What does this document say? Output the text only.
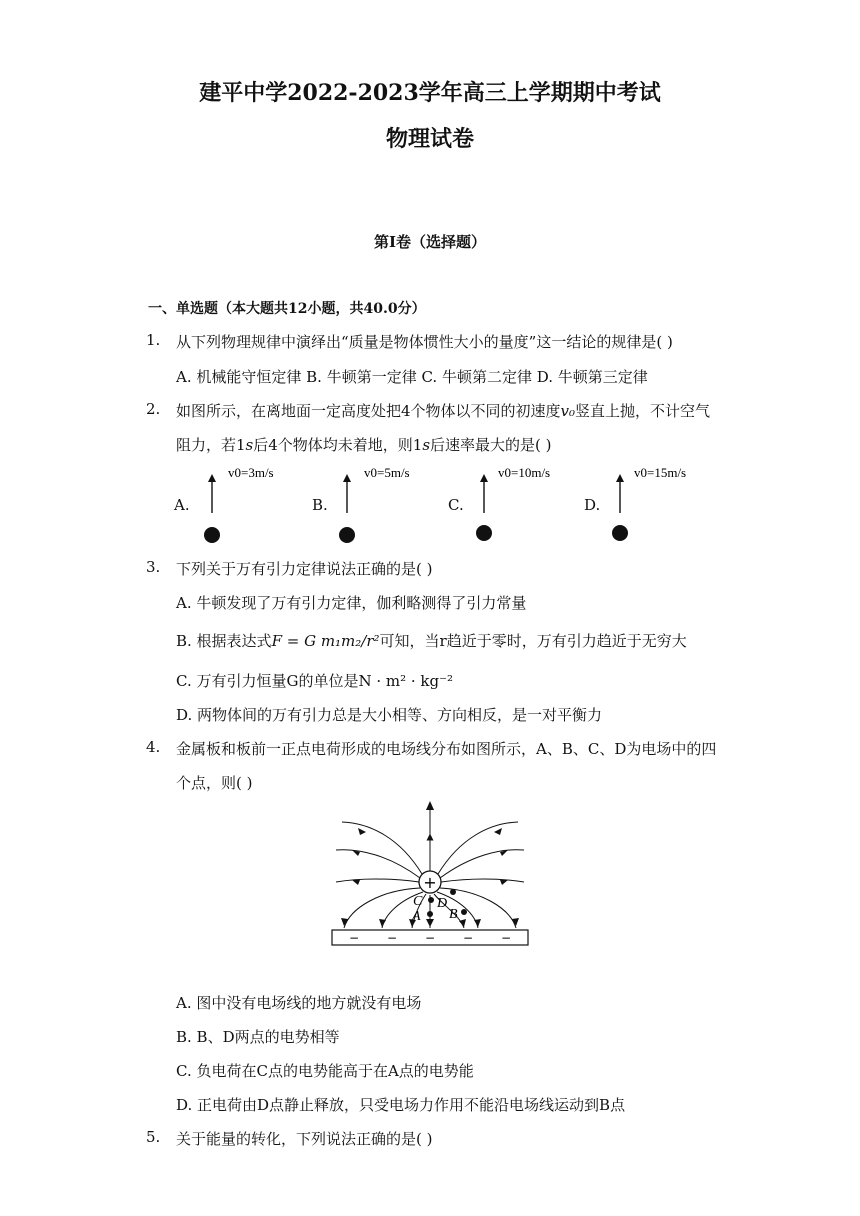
建平中学2022-2023学年高三上学期期中考试
物理试卷
第I卷（选择题）
一、单选题（本大题共12小题，共40.0分）
1. 从下列物理规律中演绎出“质量是物体惯性大小的量度”这一结论的规律是( )
A. 机械能守恒定律 B. 牛顿第一定律 C. 牛顿第二定律 D. 牛顿第三定律
2. 如图所示，在离地面一定高度处把4个物体以不同的初速度v₀竖直上抛，不计空气
阻力，若1s后4个物体均未着地，则1s后速率最大的是( )
A.
v0=3m/s
B.
v0=5m/s
C.
v0=10m/s
D.
v0=15m/s
3. 下列关于万有引力定律说法正确的是( )
A. 牛顿发现了万有引力定律，伽利略测得了引力常量
B. 根据表达式F = G m₁m₂/r²可知，当r趋近于零时，万有引力趋近于无穷大
C. 万有引力恒量G的单位是N · m² · kg⁻²
D. 两物体间的万有引力总是大小相等、方向相反，是一对平衡力
4. 金属板和板前一正点电荷形成的电场线分布如图所示，A、B、C、D为电场中的四
个点，则( )
+
C
A
D
B
− − − − −
A. 图中没有电场线的地方就没有电场
B. B、D两点的电势相等
C. 负电荷在C点的电势能高于在A点的电势能
D. 正电荷由D点静止释放，只受电场力作用不能沿电场线运动到B点
5. 关于能量的转化，下列说法正确的是( )
